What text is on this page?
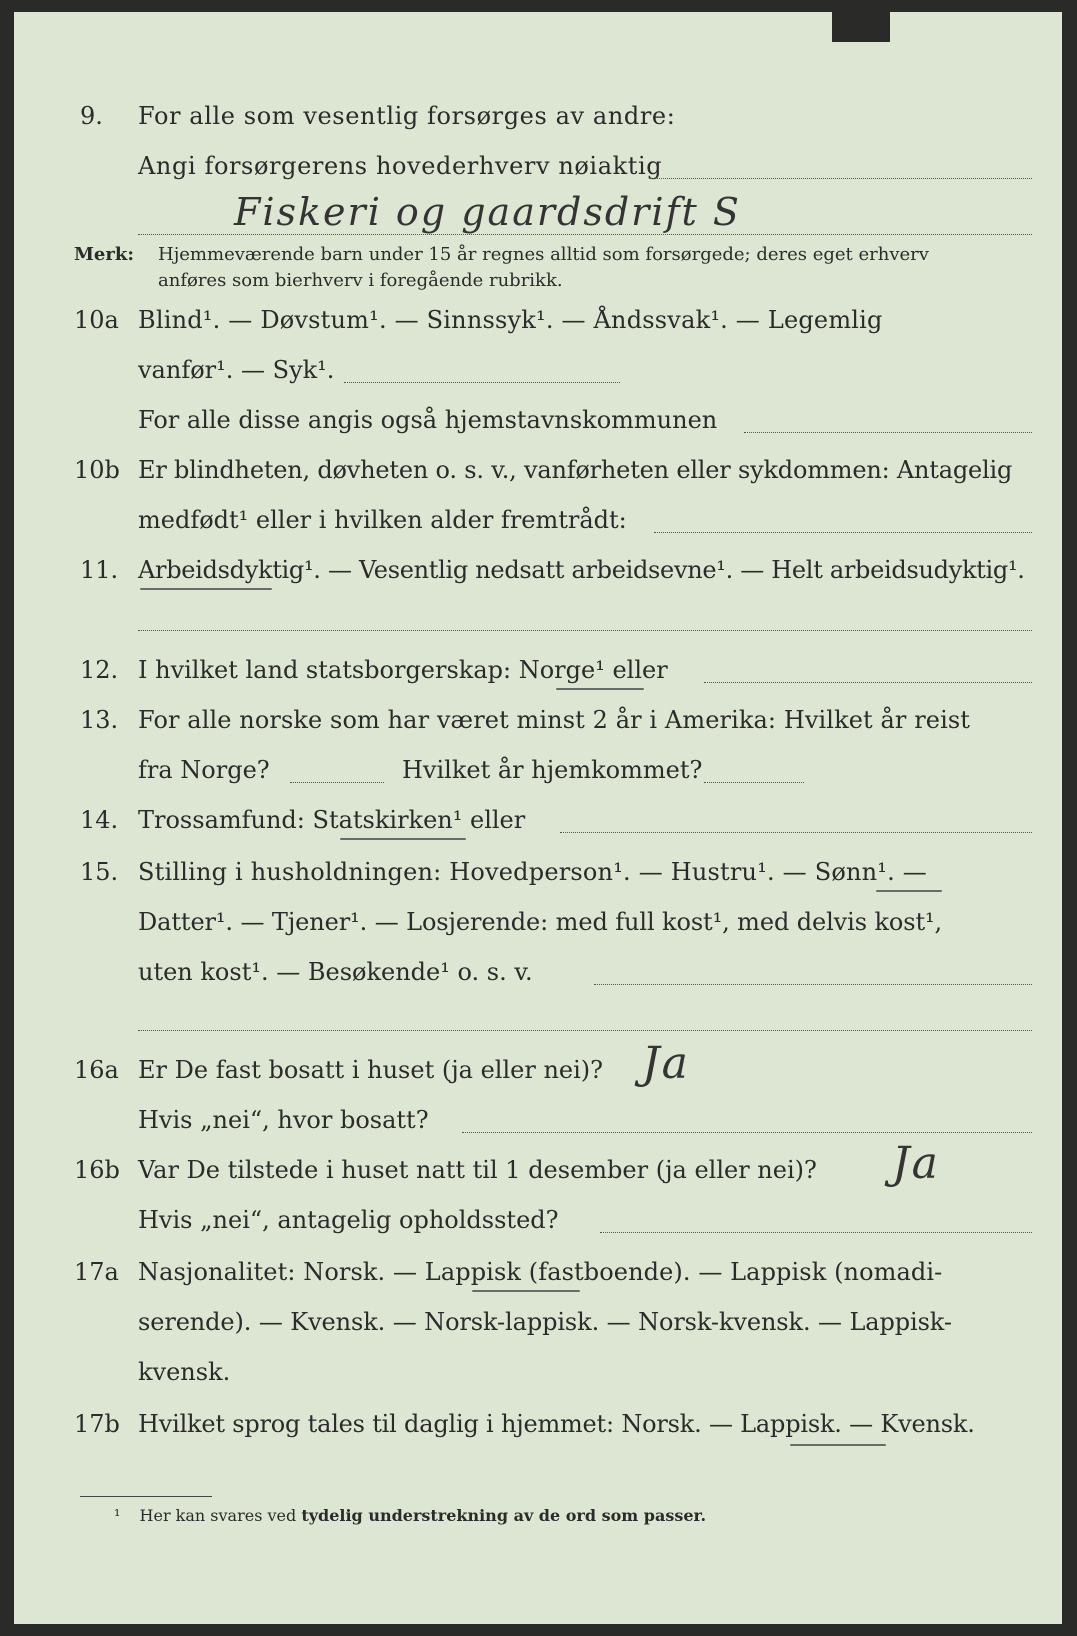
9. For alle som vesentlig forsørges av andre:
Angi forsørgerens hovederhverv nøiaktig
Fiskeri og gaardsdrift S
Merk: Hjemmeværende barn under 15 år regnes alltid som forsørgede; deres eget erhverv
anføres som bierhverv i foregående rubrikk.
10a Blind¹. — Døvstum¹. — Sinnssyk¹. — Åndssvak¹. — Legemlig
vanfør¹. — Syk¹.
For alle disse angis også hjemstavnskommunen
10b Er blindheten, døvheten o. s. v., vanførheten eller sykdommen: Antagelig
medfødt¹ eller i hvilken alder fremtrådt:
11. Arbeidsdyktig¹. — Vesentlig nedsatt arbeidsevne¹. — Helt arbeidsudyktig¹.
12. I hvilket land statsborgerskap: Norge¹ eller
13. For alle norske som har været minst 2 år i Amerika: Hvilket år reist
fra Norge?	Hvilket år hjemkommet?
14. Trossamfund: Statskirken¹ eller
15. Stilling i husholdningen: Hovedperson¹. — Hustru¹. — Sønn¹. —
Datter¹. — Tjener¹. — Losjerende: med full kost¹, med delvis kost¹,
uten kost¹. — Besøkende¹ o. s. v.
16a Er De fast bosatt i huset (ja eller nei)? Ja
Hvis „nei“, hvor bosatt?
16b Var De tilstede i huset natt til 1 desember (ja eller nei)? Ja
Hvis „nei“, antagelig opholdssted?
17a Nasjonalitet: Norsk. — Lappisk (fastboende). — Lappisk (nomadi-
serende). — Kvensk. — Norsk-lappisk. — Norsk-kvensk. — Lappisk-
kvensk.
17b Hvilket sprog tales til daglig i hjemmet: Norsk. — Lappisk. — Kvensk.
¹ Her kan svares ved tydelig understrekning av de ord som passer.
